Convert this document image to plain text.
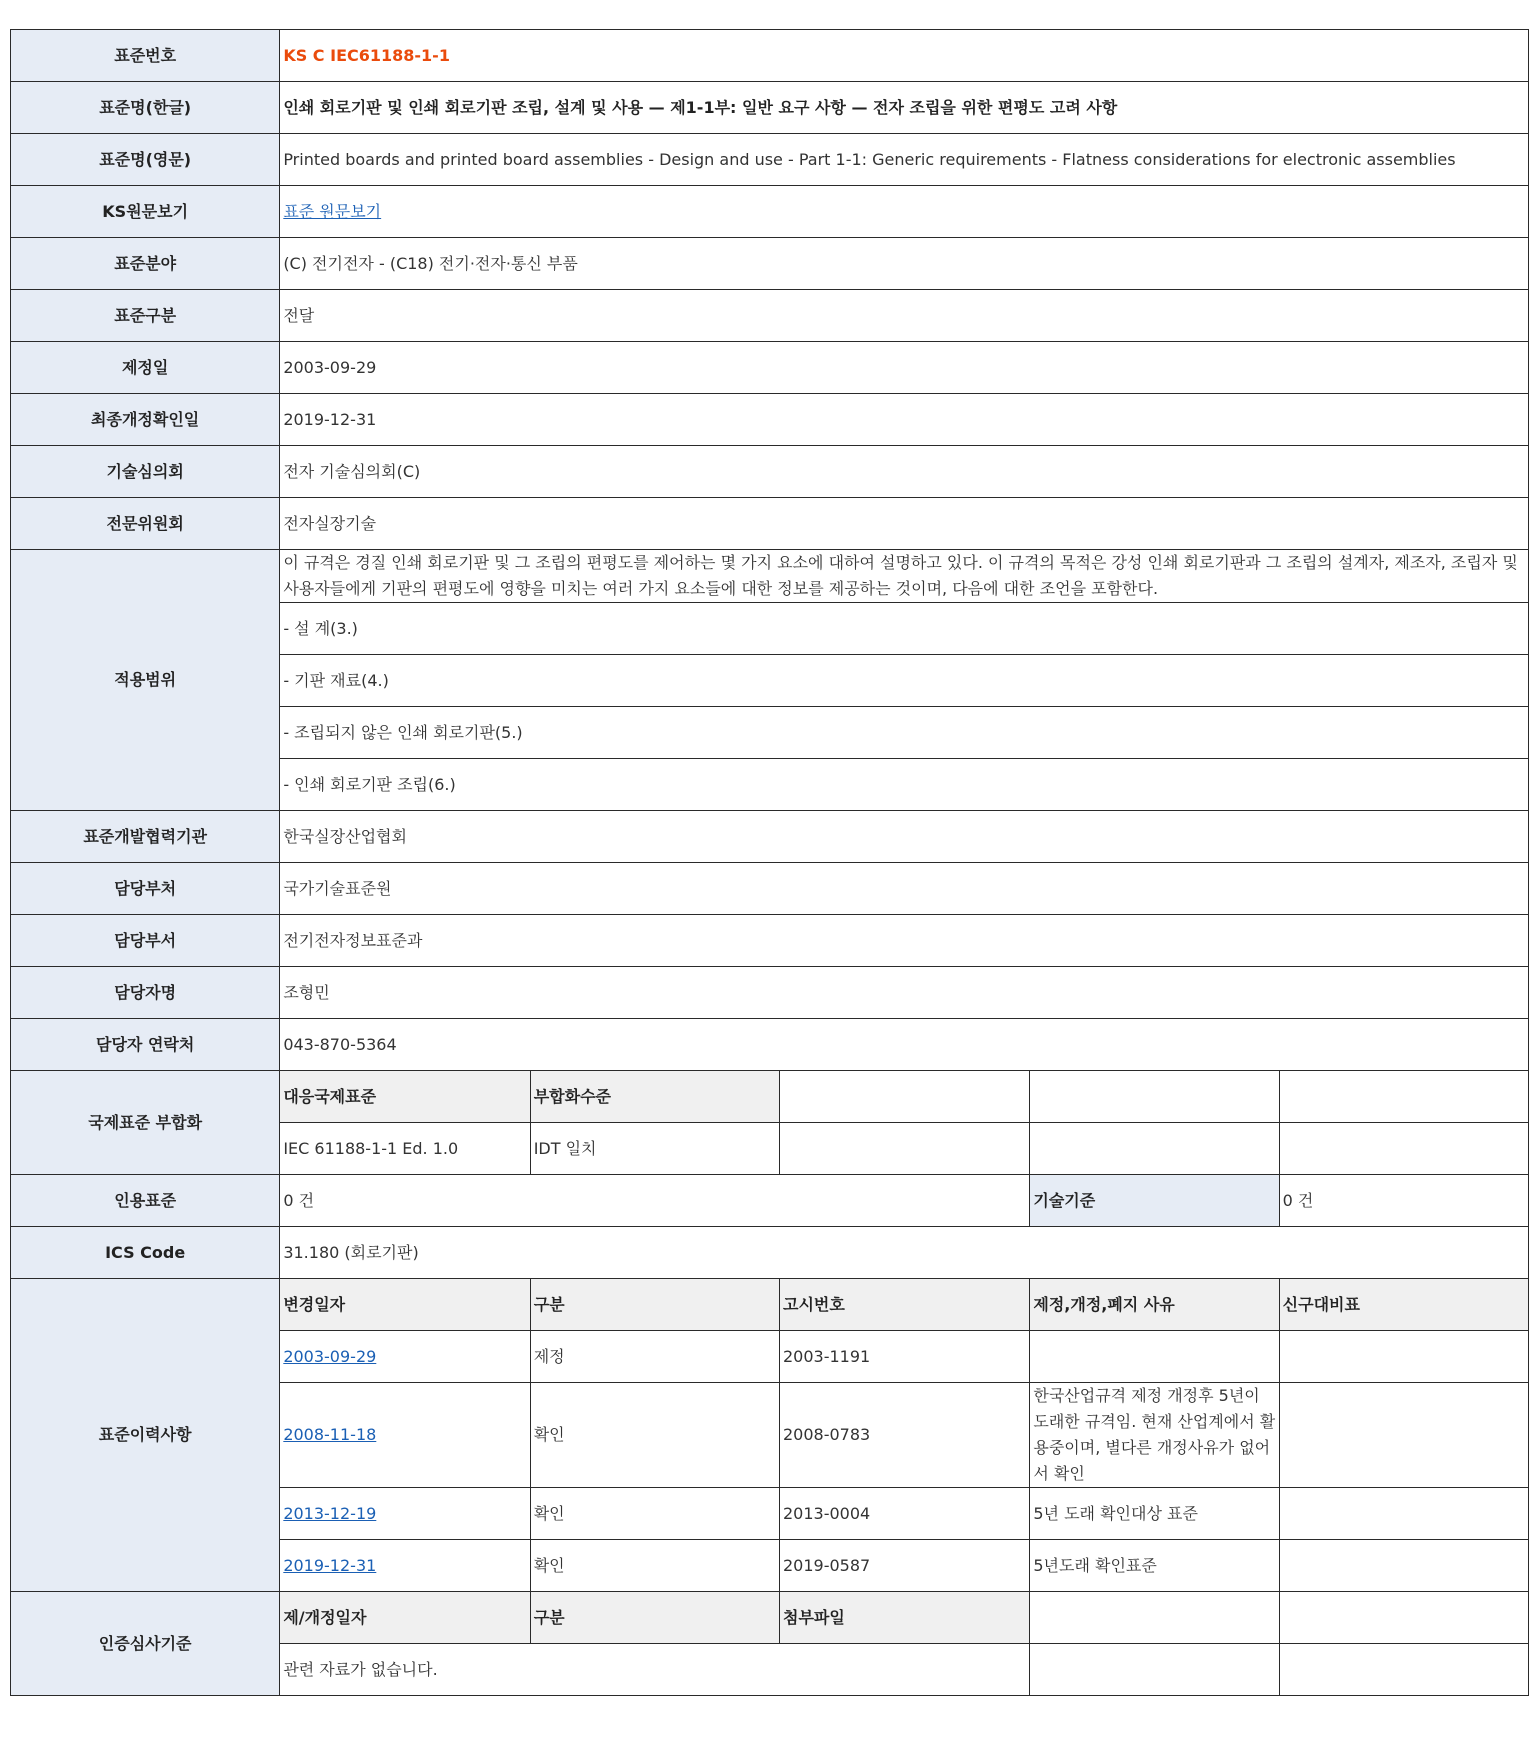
표준번호	KS C IEC61188-1-1				
표준명(한글)	인쇄 회로기판 및 인쇄 회로기판 조립, 설계 및 사용 — 제1-1부: 일반 요구 사항 — 전자 조립을 위한 편평도 고려 사항				
표준명(영문)	Printed boards and printed board assemblies - Design and use - Part 1-1: Generic requirements - Flatness considerations for electronic assemblies				
KS원문보기	표준 원문보기				
표준분야	(C) 전기전자 - (C18) 전기·전자·통신 부품				
표준구분	전달				
제정일	2003-09-29				
최종개정확인일	2019-12-31				
기술심의회	전자 기술심의회(C)				
전문위원회	전자실장기술				
적용범위	이 규격은 경질 인쇄 회로기판 및 그 조립의 편평도를 제어하는 몇 가지 요소에 대하여 설명하고 있다. 이 규격의 목적은 강성 인쇄 회로기판과 그 조립의 설계자, 제조자, 조립자 및 사용자들에게 기판의 편평도에 영향을 미치는 여러 가지 요소들에 대한 정보를 제공하는 것이며, 다음에 대한 조언을 포함한다.				
	- 설 계(3.)				
	- 기판 재료(4.)				
	- 조립되지 않은 인쇄 회로기판(5.)				
	- 인쇄 회로기판 조립(6.)				
표준개발협력기관	한국실장산업협회				
담당부처	국가기술표준원				
담당부서	전기전자정보표준과				
담당자명	조형민				
담당자 연락처	043-870-5364				
국제표준 부합화	대응국제표준	부합화수준			
	IEC 61188-1-1 Ed. 1.0	IDT 일치			
인용표준	0 건			기술기준	0 건
ICS Code	31.180 (회로기판)				
표준이력사항	변경일자	구분	고시번호	제정,개정,폐지 사유	신구대비표
	2003-09-29	제정	2003-1191		
	2008-11-18	확인	2008-0783	한국산업규격 제정 개정후 5년이 도래한 규격임. 현재 산업계에서 활용중이며, 별다른 개정사유가 없어서 확인	
	2013-12-19	확인	2013-0004	5년 도래 확인대상 표준	
	2019-12-31	확인	2019-0587	5년도래 확인표준	
인증심사기준	제/개정일자	구분	첨부파일		
	관련 자료가 없습니다.				
